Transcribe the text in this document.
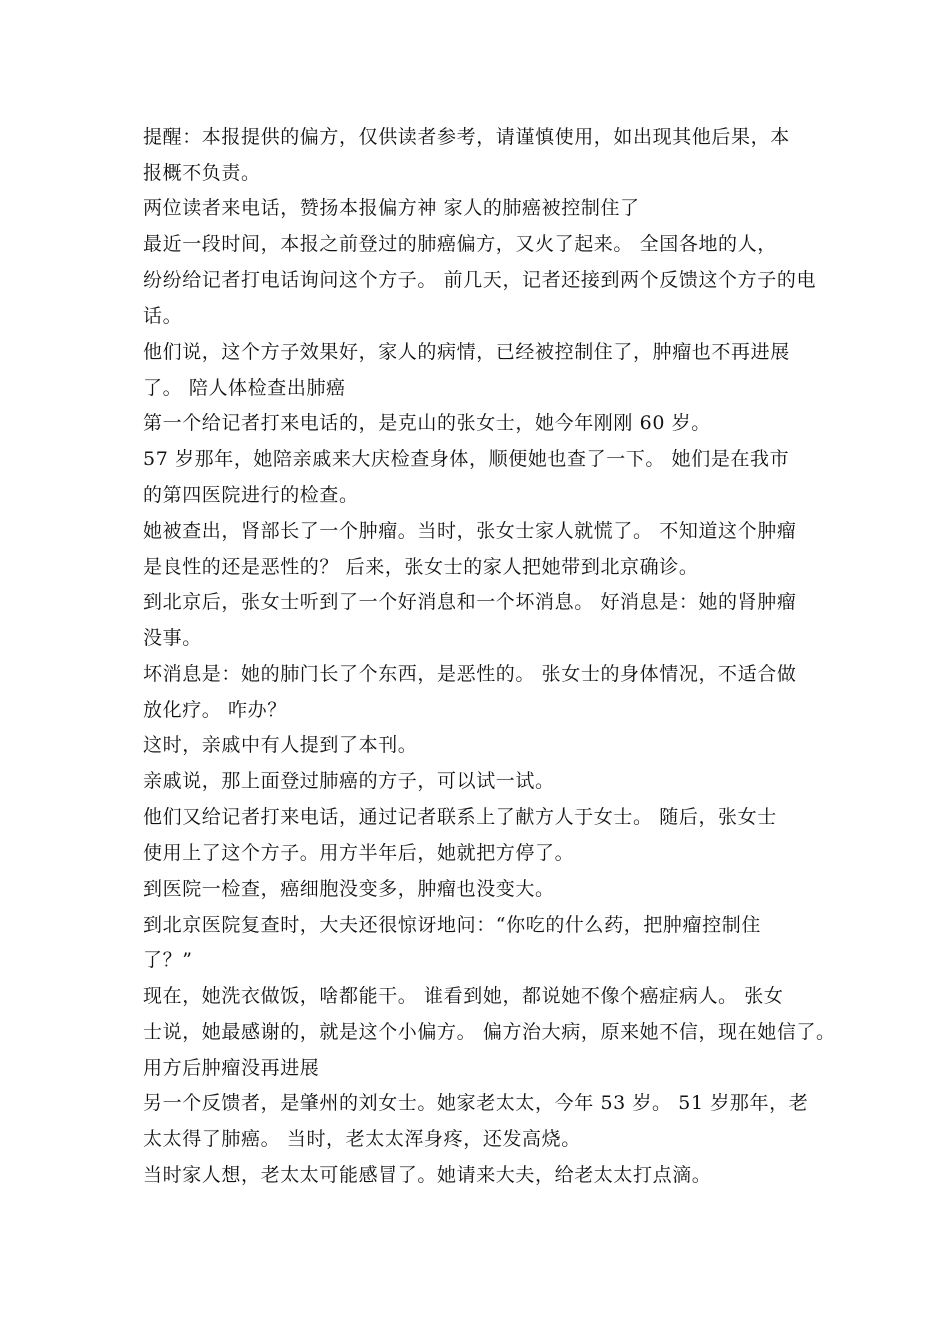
提醒：本报提供的偏方，仅供读者参考，请谨慎使用，如出现其他后果，本
报概不负责。
两位读者来电话，赞扬本报偏方神 家人的肺癌被控制住了
最近一段时间，本报之前登过的肺癌偏方，又火了起来。 全国各地的人，
纷纷给记者打电话询问这个方子。 前几天，记者还接到两个反馈这个方子的电
话。
他们说，这个方子效果好，家人的病情，已经被控制住了，肿瘤也不再进展
了。 陪人体检查出肺癌
第一个给记者打来电话的，是克山的张女士，她今年刚刚 60 岁。
57 岁那年，她陪亲戚来大庆检查身体，顺便她也查了一下。 她们是在我市
的第四医院进行的检查。
她被查出，肾部长了一个肿瘤。当时，张女士家人就慌了。 不知道这个肿瘤
是良性的还是恶性的？ 后来，张女士的家人把她带到北京确诊。
到北京后，张女士听到了一个好消息和一个坏消息。 好消息是：她的肾肿瘤
没事。
坏消息是：她的肺门长了个东西，是恶性的。 张女士的身体情况，不适合做
放化疗。 咋办？
这时，亲戚中有人提到了本刊。
亲戚说，那上面登过肺癌的方子，可以试一试。
他们又给记者打来电话，通过记者联系上了献方人于女士。 随后，张女士
使用上了这个方子。用方半年后，她就把方停了。
到医院一检查，癌细胞没变多，肿瘤也没变大。
到北京医院复查时，大夫还很惊讶地问：“你吃的什么药，把肿瘤控制住
了？”
现在，她洗衣做饭，啥都能干。 谁看到她，都说她不像个癌症病人。 张女
士说，她最感谢的，就是这个小偏方。 偏方治大病，原来她不信，现在她信了。
用方后肿瘤没再进展
另一个反馈者，是肇州的刘女士。她家老太太，今年 53 岁。 51 岁那年，老
太太得了肺癌。 当时，老太太浑身疼，还发高烧。
当时家人想，老太太可能感冒了。她请来大夫，给老太太打点滴。
